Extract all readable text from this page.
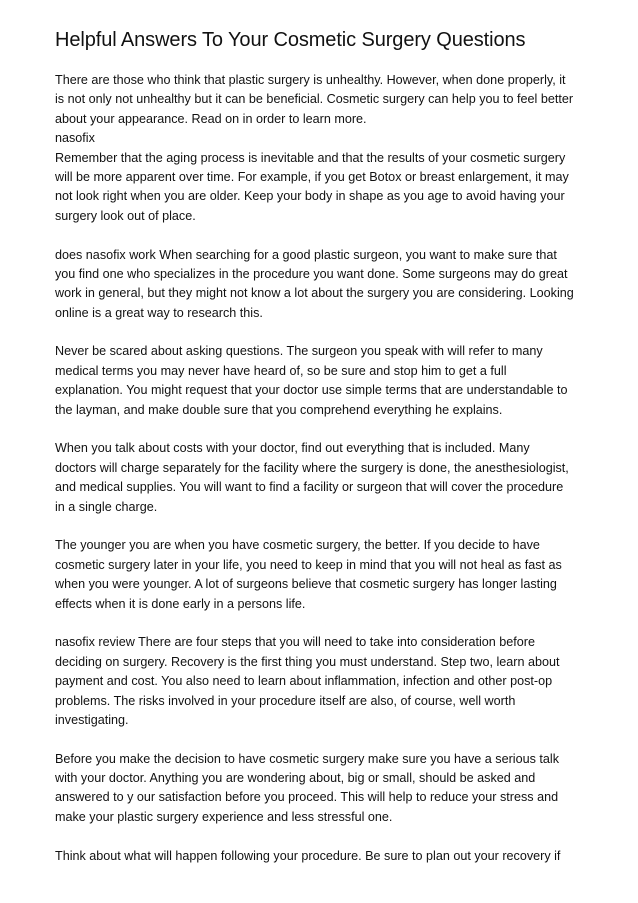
Helpful Answers To Your Cosmetic Surgery Questions

There are those who think that plastic surgery is unhealthy. However, when done properly, it
is not only not unhealthy but it can be beneficial. Cosmetic surgery can help you to feel better
about your appearance. Read on in order to learn more.
nasofix
Remember that the aging process is inevitable and that the results of your cosmetic surgery
will be more apparent over time. For example, if you get Botox or breast enlargement, it may
not look right when you are older. Keep your body in shape as you age to avoid having your
surgery look out of place.

does nasofix work When searching for a good plastic surgeon, you want to make sure that
you find one who specializes in the procedure you want done. Some surgeons may do great
work in general, but they might not know a lot about the surgery you are considering. Looking
online is a great way to research this.

Never be scared about asking questions. The surgeon you speak with will refer to many
medical terms you may never have heard of, so be sure and stop him to get a full
explanation. You might request that your doctor use simple terms that are understandable to
the layman, and make double sure that you comprehend everything he explains.

When you talk about costs with your doctor, find out everything that is included. Many
doctors will charge separately for the facility where the surgery is done, the anesthesiologist,
and medical supplies. You will want to find a facility or surgeon that will cover the procedure
in a single charge.

The younger you are when you have cosmetic surgery, the better. If you decide to have
cosmetic surgery later in your life, you need to keep in mind that you will not heal as fast as
when you were younger. A lot of surgeons believe that cosmetic surgery has longer lasting
effects when it is done early in a persons life.

nasofix review There are four steps that you will need to take into consideration before
deciding on surgery. Recovery is the first thing you must understand. Step two, learn about
payment and cost. You also need to learn about inflammation, infection and other post-op
problems. The risks involved in your procedure itself are also, of course, well worth
investigating.

Before you make the decision to have cosmetic surgery make sure you have a serious talk
with your doctor. Anything you are wondering about, big or small, should be asked and
answered to y our satisfaction before you proceed. This will help to reduce your stress and
make your plastic surgery experience and less stressful one.

Think about what will happen following your procedure. Be sure to plan out your recovery if
